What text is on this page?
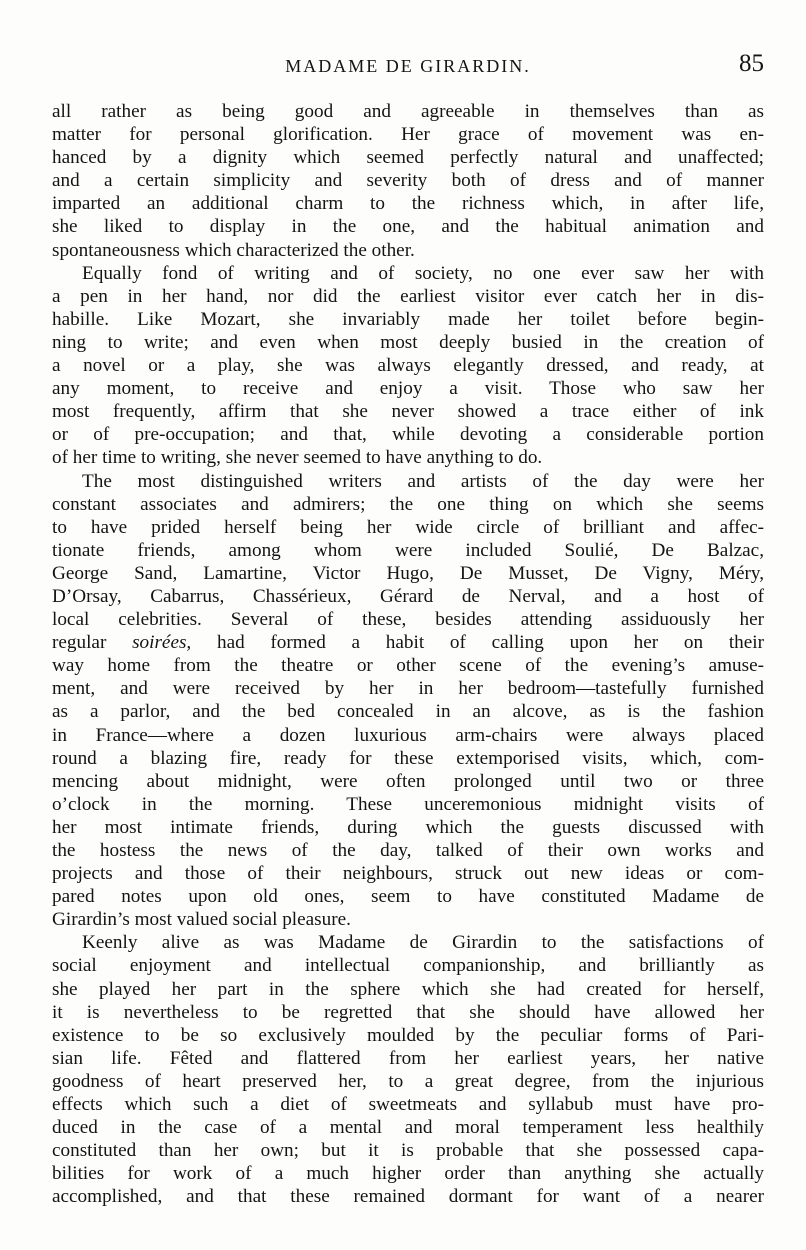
MADAME DE GIRARDIN.	85
all rather as being good and agreeable in themselves than as
matter for personal glorification. Her grace of movement was en-
hanced by a dignity which seemed perfectly natural and unaffected;
and a certain simplicity and severity both of dress and of manner
imparted an additional charm to the richness which, in after life,
she liked to display in the one, and the habitual animation and
spontaneousness which characterized the other.
Equally fond of writing and of society, no one ever saw her with
a pen in her hand, nor did the earliest visitor ever catch her in dis-
habille. Like Mozart, she invariably made her toilet before begin-
ning to write; and even when most deeply busied in the creation of
a novel or a play, she was always elegantly dressed, and ready, at
any moment, to receive and enjoy a visit. Those who saw her
most frequently, affirm that she never showed a trace either of ink
or of pre-occupation; and that, while devoting a considerable portion
of her time to writing, she never seemed to have anything to do.
The most distinguished writers and artists of the day were her
constant associates and admirers; the one thing on which she seems
to have prided herself being her wide circle of brilliant and affec-
tionate friends, among whom were included Soulié, De Balzac,
George Sand, Lamartine, Victor Hugo, De Musset, De Vigny, Méry,
D’Orsay, Cabarrus, Chassérieux, Gérard de Nerval, and a host of
local celebrities. Several of these, besides attending assiduously her
regular soirées, had formed a habit of calling upon her on their
way home from the theatre or other scene of the evening’s amuse-
ment, and were received by her in her bedroom—tastefully furnished
as a parlor, and the bed concealed in an alcove, as is the fashion
in France—where a dozen luxurious arm-chairs were always placed
round a blazing fire, ready for these extemporised visits, which, com-
mencing about midnight, were often prolonged until two or three
o’clock in the morning. These unceremonious midnight visits of
her most intimate friends, during which the guests discussed with
the hostess the news of the day, talked of their own works and
projects and those of their neighbours, struck out new ideas or com-
pared notes upon old ones, seem to have constituted Madame de
Girardin’s most valued social pleasure.
Keenly alive as was Madame de Girardin to the satisfactions of
social enjoyment and intellectual companionship, and brilliantly as
she played her part in the sphere which she had created for herself,
it is nevertheless to be regretted that she should have allowed her
existence to be so exclusively moulded by the peculiar forms of Pari-
sian life. Fêted and flattered from her earliest years, her native
goodness of heart preserved her, to a great degree, from the injurious
effects which such a diet of sweetmeats and syllabub must have pro-
duced in the case of a mental and moral temperament less healthily
constituted than her own; but it is probable that she possessed capa-
bilities for work of a much higher order than anything she actually
accomplished, and that these remained dormant for want of a nearer
